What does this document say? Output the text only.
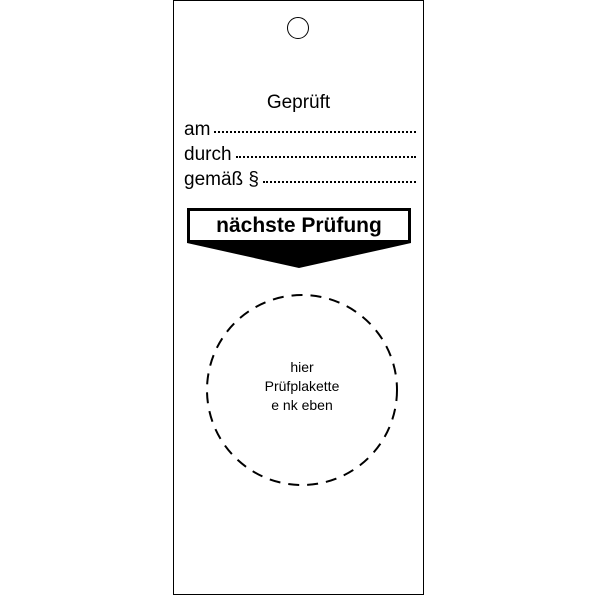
Geprüft
am
durch
gemäß §
nächste Prüfung
hier
Prüfplakette
e nk eben
